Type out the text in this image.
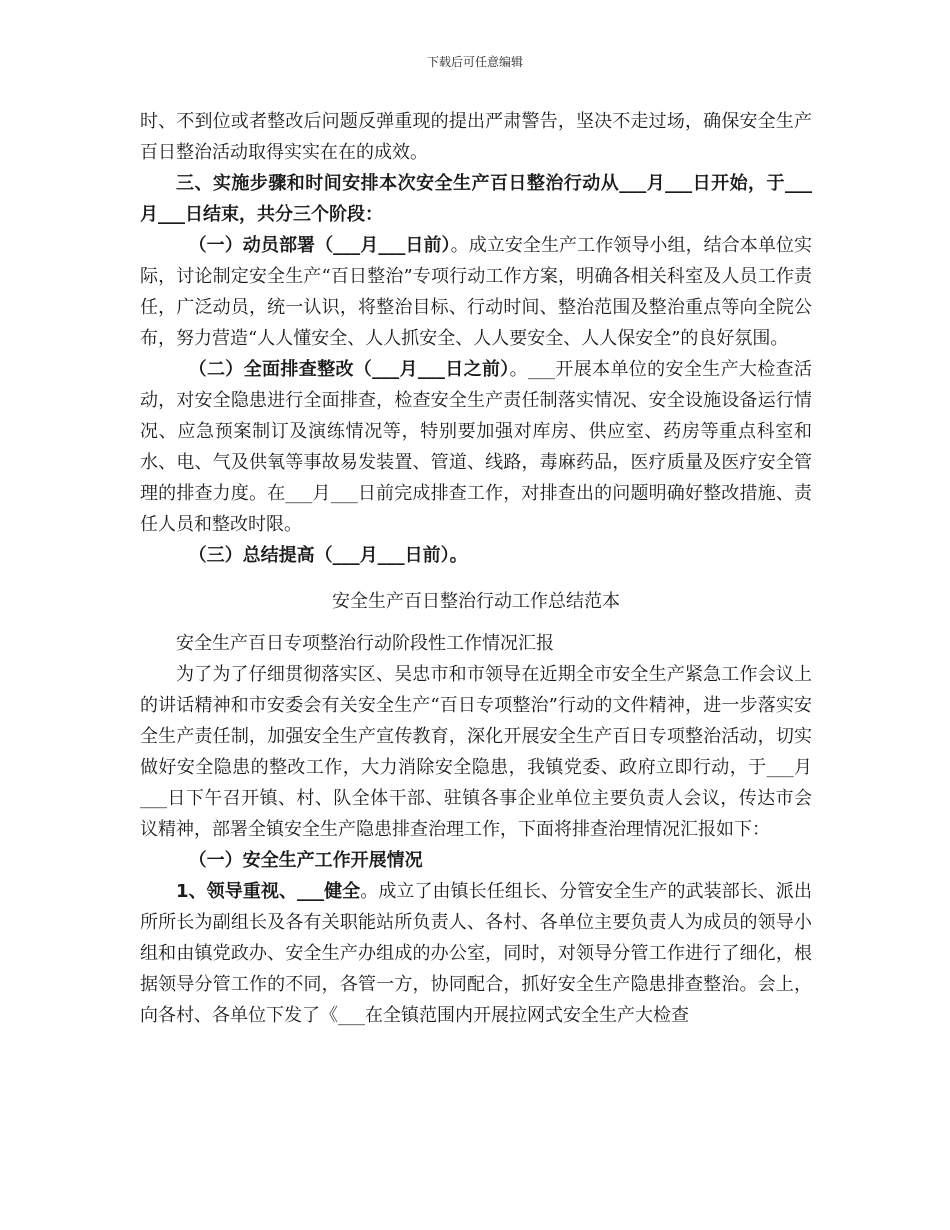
下载后可任意编辑

时、不到位或者整改后问题反弹重现的提出严肃警告，坚决不走过场，确保安全生产百日整治活动取得实实在在的成效。

三、实施步骤和时间安排本次安全生产百日整治行动从___月___日开始，于___月___日结束，共分三个阶段：

（一）动员部署（___月___日前）。成立安全生产工作领导小组，结合本单位实际，讨论制定安全生产“百日整治”专项行动工作方案，明确各相关科室及人员工作责任，广泛动员，统一认识，将整治目标、行动时间、整治范围及整治重点等向全院公布，努力营造“人人懂安全、人人抓安全、人人要安全、人人保安全”的良好氛围。

（二）全面排查整改（___月___日之前）。___开展本单位的安全生产大检查活动，对安全隐患进行全面排查，检查安全生产责任制落实情况、安全设施设备运行情况、应急预案制订及演练情况等，特别要加强对库房、供应室、药房等重点科室和水、电、气及供氧等事故易发装置、管道、线路，毒麻药品，医疗质量及医疗安全管理的排查力度。在___月___日前完成排查工作，对排查出的问题明确好整改措施、责任人员和整改时限。

（三）总结提高（___月___日前）。

安全生产百日整治行动工作总结范本

安全生产百日专项整治行动阶段性工作情况汇报

为了为了仔细贯彻落实区、吴忠市和市领导在近期全市安全生产紧急工作会议上的讲话精神和市安委会有关安全生产“百日专项整治”行动的文件精神，进一步落实安全生产责任制，加强安全生产宣传教育，深化开展安全生产百日专项整治活动，切实做好安全隐患的整改工作，大力消除安全隐患，我镇党委、政府立即行动，于___月___日下午召开镇、村、队全体干部、驻镇各事企业单位主要负责人会议，传达市会议精神，部署全镇安全生产隐患排查治理工作，下面将排查治理情况汇报如下：

（一）安全生产工作开展情况

1、领导重视、___健全。成立了由镇长任组长、分管安全生产的武装部长、派出所所长为副组长及各有关职能站所负责人、各村、各单位主要负责人为成员的领导小组和由镇党政办、安全生产办组成的办公室，同时，对领导分管工作进行了细化，根据领导分管工作的不同，各管一方，协同配合，抓好安全生产隐患排查整治。会上，向各村、各单位下发了《___在全镇范围内开展拉网式安全生产大检查
